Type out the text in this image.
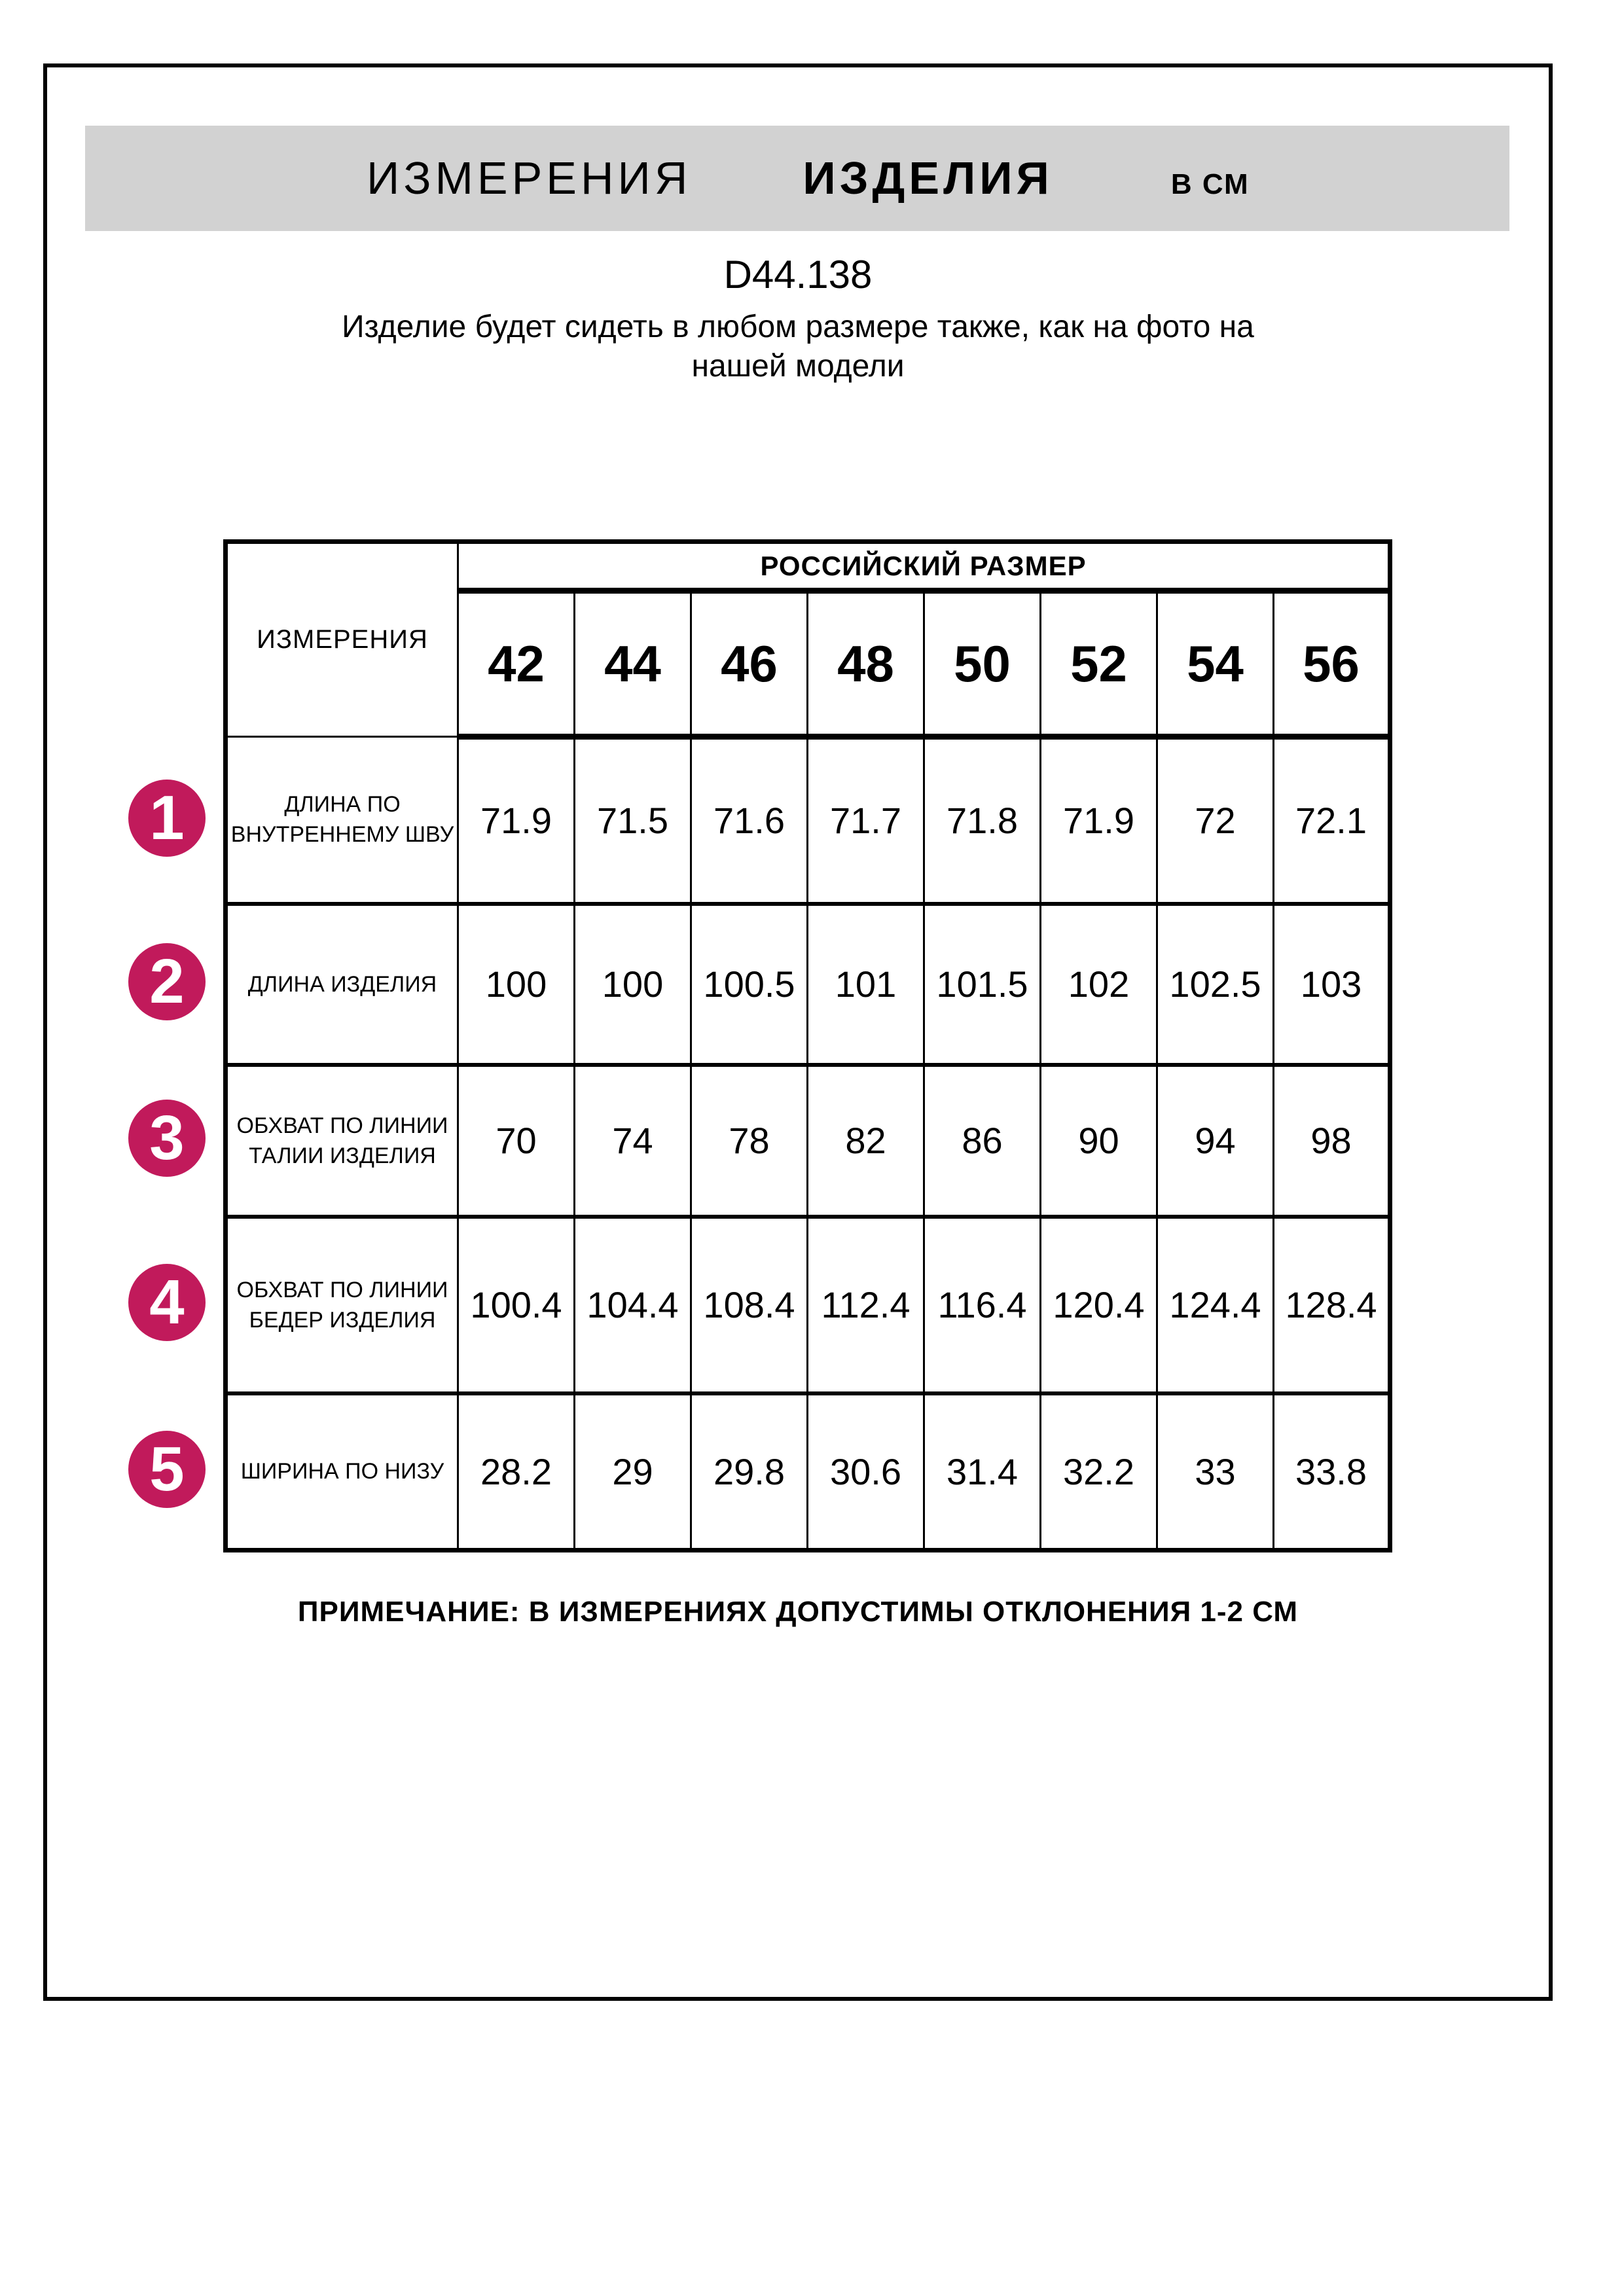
ИЗМЕРЕНИЯ ИЗДЕЛИЯ	В СМ
D44.138
Изделие будет сидеть в любом размере также, как на фото на
нашей модели
ИЗМЕРЕНИЯ	РОССИЙСКИЙ РАЗМЕР							
	42	44	46	48	50	52	54	56
ДЛИНА ПО ВНУТРЕННЕМУ ШВУ	71.9	71.5	71.6	71.7	71.8	71.9	72	72.1
ДЛИНА ИЗДЕЛИЯ	100	100	100.5	101	101.5	102	102.5	103
ОБХВАТ ПО ЛИНИИ ТАЛИИ ИЗДЕЛИЯ	70	74	78	82	86	90	94	98
ОБХВАТ ПО ЛИНИИ БЕДЕР ИЗДЕЛИЯ	100.4	104.4	108.4	112.4	116.4	120.4	124.4	128.4
ШИРИНА ПО НИЗУ	28.2	29	29.8	30.6	31.4	32.2	33	33.8
1
2
3
4
5
ПРИМЕЧАНИЕ: В ИЗМЕРЕНИЯХ ДОПУСТИМЫ ОТКЛОНЕНИЯ 1-2 СМ
